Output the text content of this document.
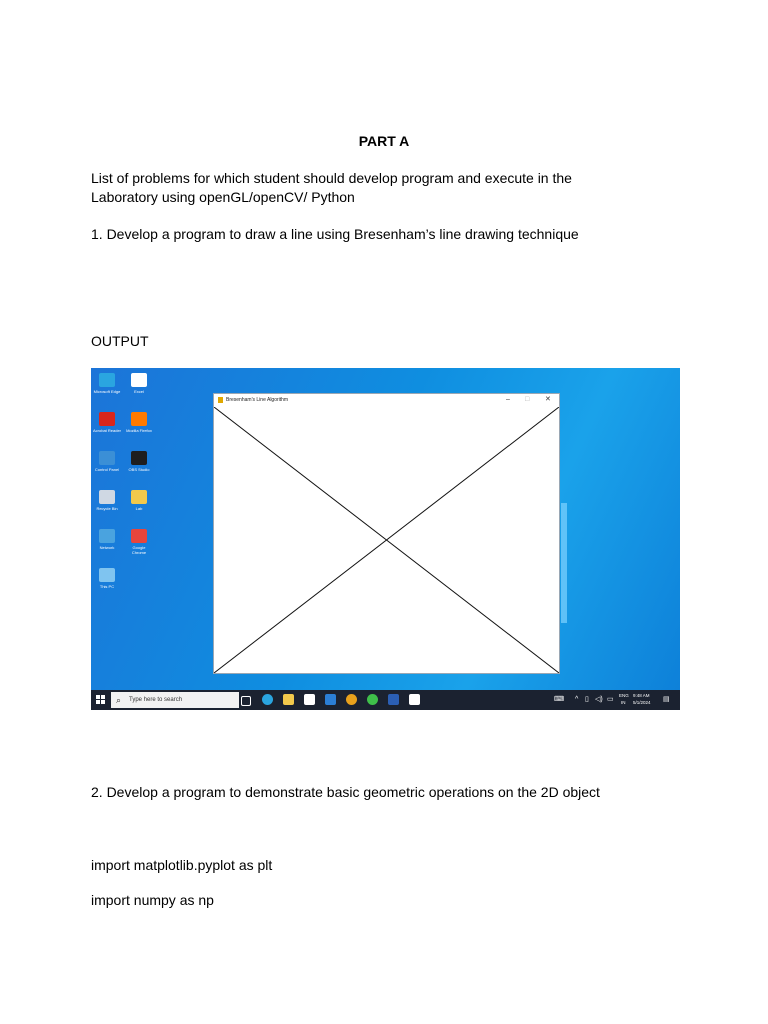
PART A
List of problems for which student should develop program and execute in the
Laboratory using openGL/openCV/ Python
1. Develop a program to draw a line using Bresenham’s line drawing technique
OUTPUT
Microsoft Edge	Excel
Acrobat Reader Mozilla Firefox
Control Panel	OBS Studio
Recycle Bin	Lab
Network	Google Chrome
This PC
Bresenham's Line Algorithm	– □ ✕
⌕ Type here to search	⌨ ^ ▯ ◁) ▭
ENG
IN
9:48 AM
5/1/2024 ▤
2. Develop a program to demonstrate basic geometric operations on the 2D object
import matplotlib.pyplot as plt
import numpy as np
